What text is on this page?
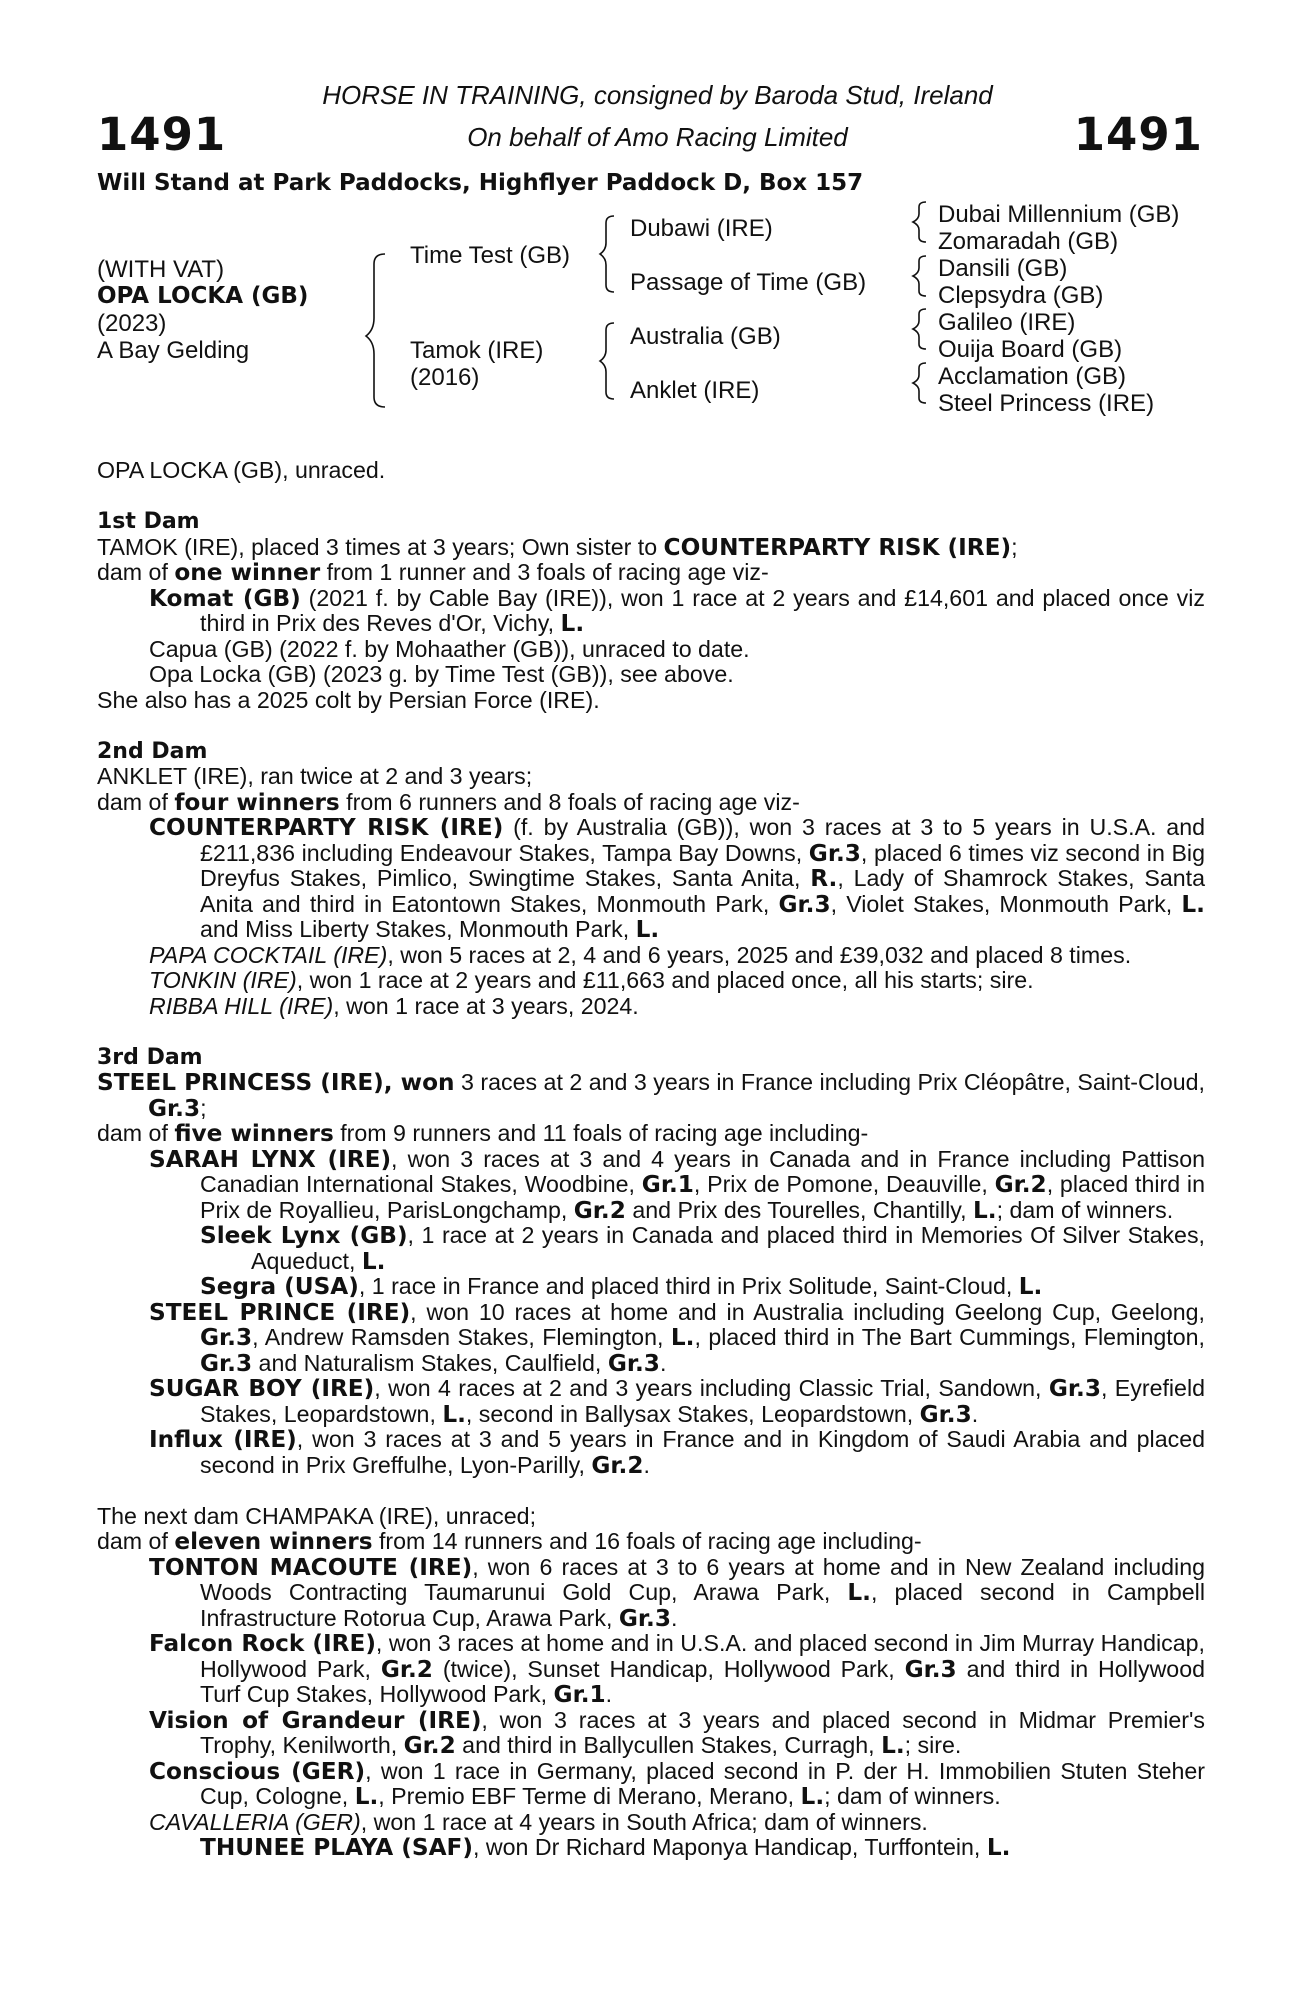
1491	1491
HORSE IN TRAINING, consigned by Baroda Stud, Ireland
On behalf of Amo Racing Limited
Will Stand at Park Paddocks, Highflyer Paddock D, Box 157
(WITH VAT)
OPA LOCKA (GB)
(2023)
A Bay Gelding
Time Test (GB)
Tamok (IRE)
(2016)
Dubawi (IRE)
Passage of Time (GB)
Australia (GB)
Anklet (IRE)
Dubai Millennium (GB)
Zomaradah (GB)
Dansili (GB)
Clepsydra (GB)
Galileo (IRE)
Ouija Board (GB)
Acclamation (GB)
Steel Princess (IRE)

OPA LOCKA (GB), unraced.

1st Dam

TAMOK (IRE), placed 3 times at 3 years; Own sister to COUNTERPARTY RISK (IRE);

dam of one winner from 1 runner and 3 foals of racing age viz-

Komat (GB) (2021 f. by Cable Bay (IRE)), won 1 race at 2 years and £14,601 and placed once viz third in Prix des Reves d'Or, Vichy, L.

Capua (GB) (2022 f. by Mohaather (GB)), unraced to date.

Opa Locka (GB) (2023 g. by Time Test (GB)), see above.

She also has a 2025 colt by Persian Force (IRE).

2nd Dam

ANKLET (IRE), ran twice at 2 and 3 years;

dam of four winners from 6 runners and 8 foals of racing age viz-

COUNTERPARTY RISK (IRE) (f. by Australia (GB)), won 3 races at 3 to 5 years in U.S.A. and £211,836 including Endeavour Stakes, Tampa Bay Downs, Gr.3, placed 6 times viz second in Big Dreyfus Stakes, Pimlico, Swingtime Stakes, Santa Anita, R., Lady of Shamrock Stakes, Santa Anita and third in Eatontown Stakes, Monmouth Park, Gr.3, Violet Stakes, Monmouth Park, L. and Miss Liberty Stakes, Monmouth Park, L.

PAPA COCKTAIL (IRE), won 5 races at 2, 4 and 6 years, 2025 and £39,032 and placed 8 times.

TONKIN (IRE), won 1 race at 2 years and £11,663 and placed once, all his starts; sire.

RIBBA HILL (IRE), won 1 race at 3 years, 2024.

3rd Dam

STEEL PRINCESS (IRE), won 3 races at 2 and 3 years in France including Prix Cléopâtre, Saint-Cloud, Gr.3;

dam of five winners from 9 runners and 11 foals of racing age including-

SARAH LYNX (IRE), won 3 races at 3 and 4 years in Canada and in France including Pattison Canadian International Stakes, Woodbine, Gr.1, Prix de Pomone, Deauville, Gr.2, placed third in Prix de Royallieu, ParisLongchamp, Gr.2 and Prix des Tourelles, Chantilly, L.; dam of winners.

Sleek Lynx (GB), 1 race at 2 years in Canada and placed third in Memories Of Silver Stakes, Aqueduct, L.

Segra (USA), 1 race in France and placed third in Prix Solitude, Saint-Cloud, L.

STEEL PRINCE (IRE), won 10 races at home and in Australia including Geelong Cup, Geelong, Gr.3, Andrew Ramsden Stakes, Flemington, L., placed third in The Bart Cummings, Flemington, Gr.3 and Naturalism Stakes, Caulfield, Gr.3.

SUGAR BOY (IRE), won 4 races at 2 and 3 years including Classic Trial, Sandown, Gr.3, Eyrefield Stakes, Leopardstown, L., second in Ballysax Stakes, Leopardstown, Gr.3.

Influx (IRE), won 3 races at 3 and 5 years in France and in Kingdom of Saudi Arabia and placed second in Prix Greffulhe, Lyon-Parilly, Gr.2.

The next dam CHAMPAKA (IRE), unraced;

dam of eleven winners from 14 runners and 16 foals of racing age including-

TONTON MACOUTE (IRE), won 6 races at 3 to 6 years at home and in New Zealand including Woods Contracting Taumarunui Gold Cup, Arawa Park, L., placed second in Campbell Infrastructure Rotorua Cup, Arawa Park, Gr.3.

Falcon Rock (IRE), won 3 races at home and in U.S.A. and placed second in Jim Murray Handicap, Hollywood Park, Gr.2 (twice), Sunset Handicap, Hollywood Park, Gr.3 and third in Hollywood Turf Cup Stakes, Hollywood Park, Gr.1.

Vision of Grandeur (IRE), won 3 races at 3 years and placed second in Midmar Premier's Trophy, Kenilworth, Gr.2 and third in Ballycullen Stakes, Curragh, L.; sire.

Conscious (GER), won 1 race in Germany, placed second in P. der H. Immobilien Stuten Steher Cup, Cologne, L., Premio EBF Terme di Merano, Merano, L.; dam of winners.

CAVALLERIA (GER), won 1 race at 4 years in South Africa; dam of winners.

THUNEE PLAYA (SAF), won Dr Richard Maponya Handicap, Turffontein, L.
